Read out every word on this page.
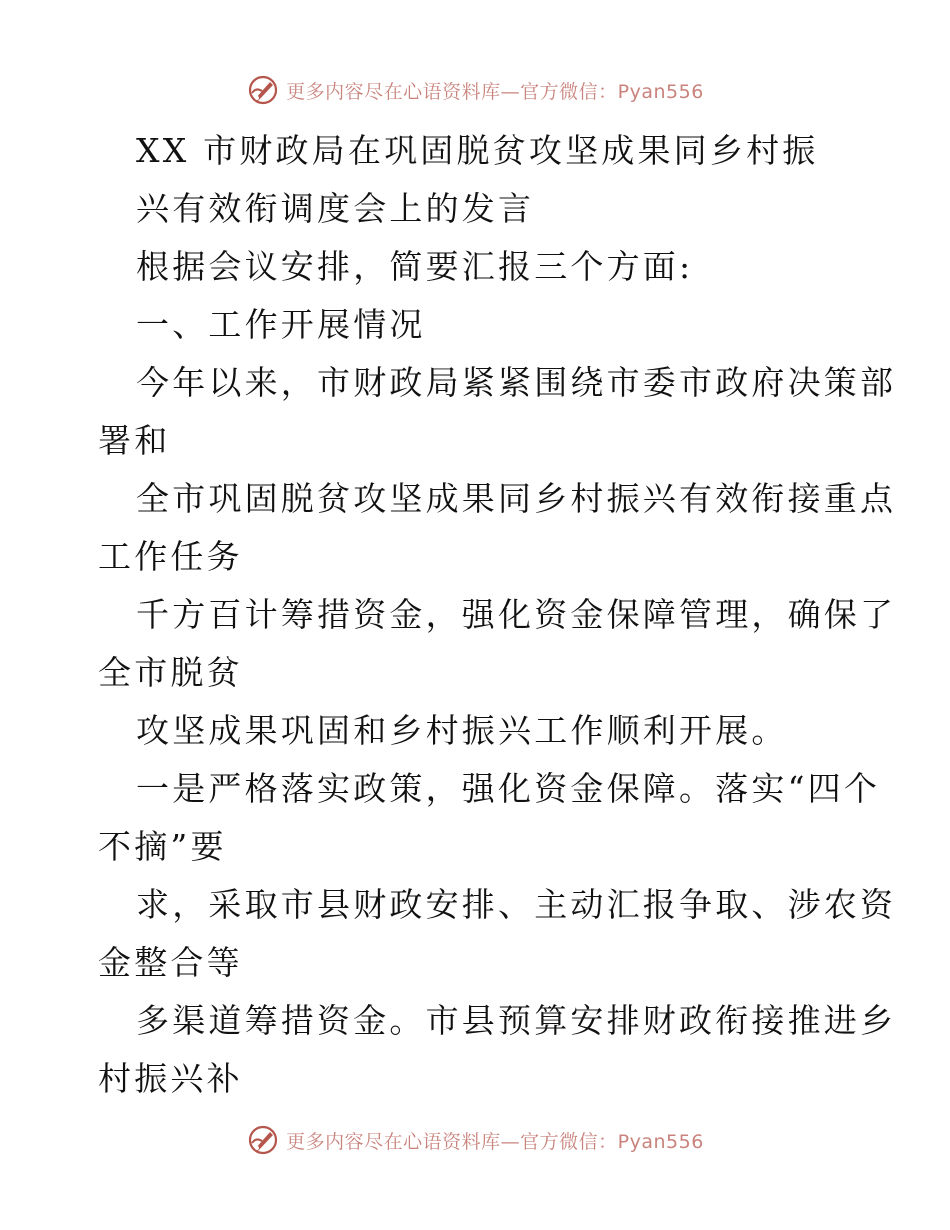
更多内容尽在心语资料库—官方微信：Pyan556
XX 市财政局在巩固脱贫攻坚成果同乡村振
兴有效衔调度会上的发言
根据会议安排，简要汇报三个方面:
一、工作开展情况
今年以来，市财政局紧紧围绕市委市政府决策部
署和
全市巩固脱贫攻坚成果同乡村振兴有效衔接重点
工作任务
千方百计筹措资金，强化资金保障管理，确保了
全市脱贫
攻坚成果巩固和乡村振兴工作顺利开展。
一是严格落实政策，强化资金保障。落实“四个
不摘”要
求，采取市县财政安排、主动汇报争取、涉农资
金整合等
多渠道筹措资金。市县预算安排财政衔接推进乡
村振兴补
更多内容尽在心语资料库—官方微信：Pyan556
